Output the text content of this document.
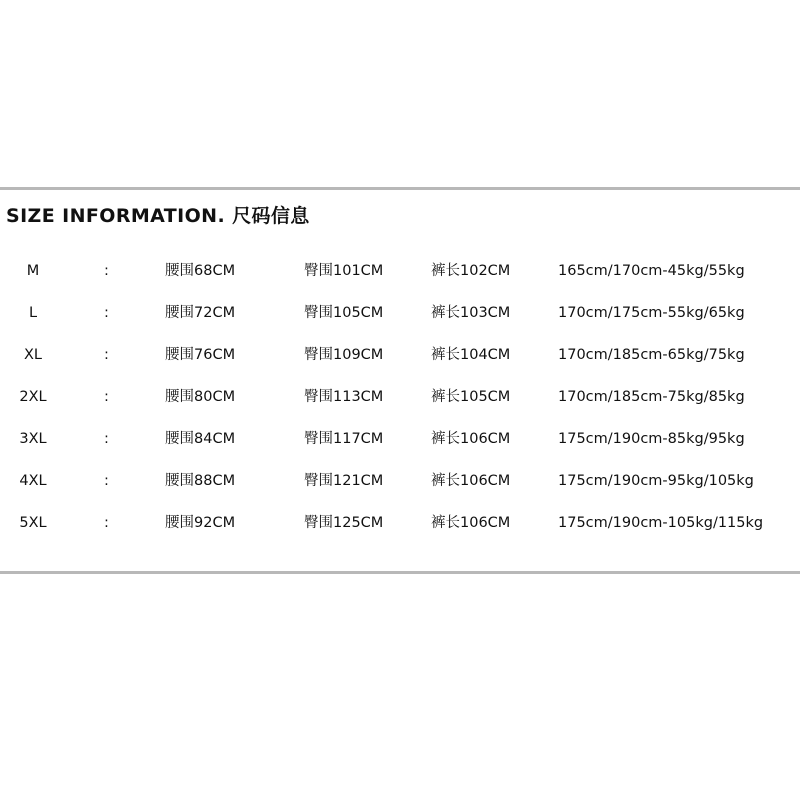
SIZE INFORMATION. 尺码信息
M	:	腰围68CM	臀围101CM	裤长102CM	165cm/170cm-45kg/55kg
L	:	腰围72CM	臀围105CM	裤长103CM	170cm/175cm-55kg/65kg
XL	:	腰围76CM	臀围109CM	裤长104CM	170cm/185cm-65kg/75kg
2XL	:	腰围80CM	臀围113CM	裤长105CM	170cm/185cm-75kg/85kg
3XL	:	腰围84CM	臀围117CM	裤长106CM	175cm/190cm-85kg/95kg
4XL	:	腰围88CM	臀围121CM	裤长106CM	175cm/190cm-95kg/105kg
5XL	:	腰围92CM	臀围125CM	裤长106CM	175cm/190cm-105kg/115kg
